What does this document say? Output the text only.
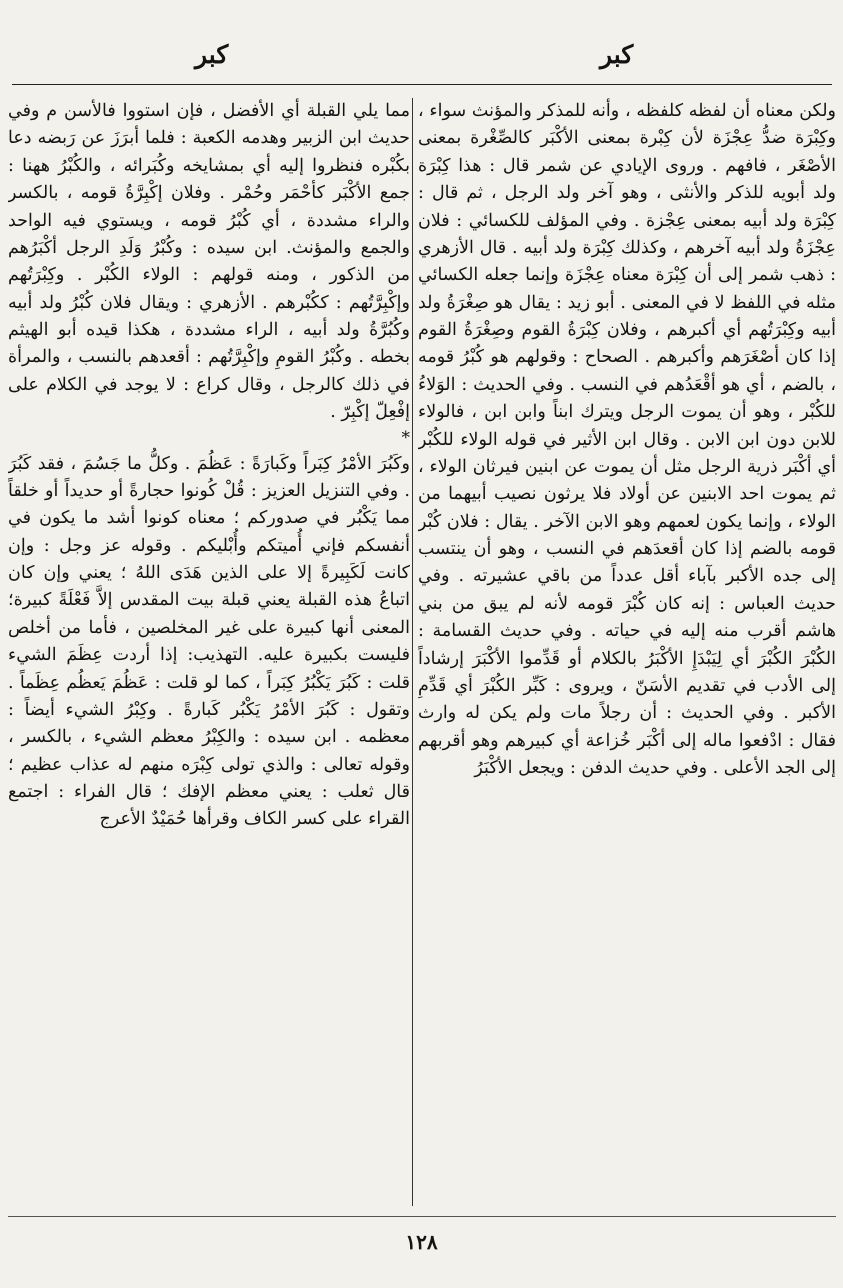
كبر
كبر

ولكن معناه أن لفظه كلفظه ، وأنه للمذكر والمؤنث سواء ، وكِبْرَة ضدُّ عِجْزَة لأن كِبْرة بمعنى الأكْبَر كالصِّغْرة بمعنى الأصْغَر ، فافهم . وروى الإيادي عن شمر قال : هذا كِبْرَة ولد أبويه للذكر والأنثى ، وهو آخر ولد الرجل ، ثم قال : كِبْرَة ولد أبيه بمعنى عِجْزة . وفي المؤلف للكسائي : فلان عِجْزَةُ ولد أبيه آخرهم ، وكذلك كِبْرَة ولد أبيه . قال الأزهري : ذهب شمر إلى أن كِبْرَة معناه عِجْزَة وإنما جعله الكسائي مثله في اللفظ لا في المعنى . أبو زيد : يقال هو صِغْرَةُ ولد أبيه وكِبْرَتُهم أي أكبرهم ، وفلان كِبْرَةُ القوم وصِغْرَةُ القوم إذا كان أصْغَرَهم وأكبرهم . الصحاح : وقولهم هو كُبْرُ قومه ، بالضم ، أي هو أقْعَدُهم في النسب . وفي الحديث : الوَلاءُ للكُبْر ، وهو أن يموت الرجل ويترك ابناً وابن ابن ، فالولاء للابن دون ابن الابن . وقال ابن الأثير في قوله الولاء للكُبْر أي أكْبَر ذرية الرجل مثل أن يموت عن ابنين فيرثان الولاء ، ثم يموت احد الابنين عن أولاد فلا يرثون نصيب أبيهما من الولاء ، وإنما يكون لعمهم وهو الابن الآخر . يقال : فلان كُبْر قومه بالضم إذا كان أقعدَهم في النسب ، وهو أن ينتسب إلى جده الأكبر بآباء أقل عدداً من باقي عشيرته . وفي حديث العباس : إنه كان كُبْرَ قومه لأنه لم يبق من بني هاشم أقرب منه إليه في حياته . وفي حديث القسامة : الكُبْرَ الكُبْرَ أي لِيَبْدَإِ الأكْبَرُ بالكلام أو قَدِّموا الأكْبَرَ إرشاداً إلى الأدب في تقديم الأسَنّ ، ويروى : كَبِّر الكُبْرَ أي قَدِّمِ الأكبر . وفي الحديث : أن رجلاً مات ولم يكن له وارث فقال : ادْفعوا ماله إلى أكْبَر خُزاعة أي كبيرهم وهو أقربهم إلى الجد الأعلى . وفي حديث الدفن : ويجعل الأكْبَرُ

مما يلي القبلة أي الأفضل ، فإن استووا فالأسن م وفي حديث ابن الزبير وهدمه الكعبة : فلما أبرَزَ عن رَبضه دعا بكُبْره فنظروا إليه أي بمشايخه وكُبَرائه ، والكُبْرُ ههنا : جمع الأكْبَر كأحْمَر وحُمْر . وفلان إكْبِرَّةُ قومه ، بالكسر والراء مشددة ، أي كُبْرُ قومه ، ويستوي فيه الواحد والجمع والمؤنث. ابن سيده : وكُبْرُ وَلَدِ الرجل أكْبَرُهم من الذكور ، ومنه قولهم : الولاء الكُبْر . وكِبْرَتُهم وإكْبِرَّتُهم : ككُبْرهم . الأزهري : ويقال فلان كُبْرُ ولد أبيه وكُبُرَّةُ ولد أبيه ، الراء مشددة ، هكذا قيده أبو الهيثم بخطه . وكُبْرُ القومِ وإكْبِرَّتُهم : أقعدهم بالنسب ، والمرأة في ذلك كالرجل ، وقال كراع : لا يوجد في الكلام على إفْعِلّ إكْبِرّ .

*

وكَبُرَ الأمْرُ كِبَراً وكَبارَةً : عَظُمَ . وكلُّ ما جَسُمَ ، فقد كَبُرَ . وفي التنزيل العزيز : قُلْ كُونوا حجارةً أو حديداً أو خلقاً مما يَكْبُر في صدوركم ؛ معناه كونوا أشد ما يكون في أنفسكم فإني أُميتكم وأُبْليكم . وقوله عز وجل : وإن كانت لَكَبِيرةً إلا على الذين هَدَى اللهُ ؛ يعني وإن كان اتباعُ هذه القبلة يعني قبلة بيت المقدس إلاَّ فَعْلَةً كبيرة؛ المعنى أنها كبيرة على غير المخلصين ، فأما من أخلص فليست بكبيرة عليه. التهذيب: إذا أردت عِظَمَ الشيء قلت : كَبُرَ يَكْبُرُ كِبَراً ، كما لو قلت : عَظُمَ يَعظُم عِظَماً . وتقول : كَبُرَ الأمْرُ يَكْبُر كَبارةً . وكِبْرُ الشيء أيضاً : معظمه . ابن سيده : والكِبْرُ معظم الشيء ، بالكسر ، وقوله تعالى : والذي تولى كِبْرَه منهم له عذاب عظيم ؛ قال ثعلب : يعني معظم الإفك ؛ قال الفراء : اجتمع القراء على كسر الكاف وقرأها حُمَيْدٌ الأعرج

١٢٨
